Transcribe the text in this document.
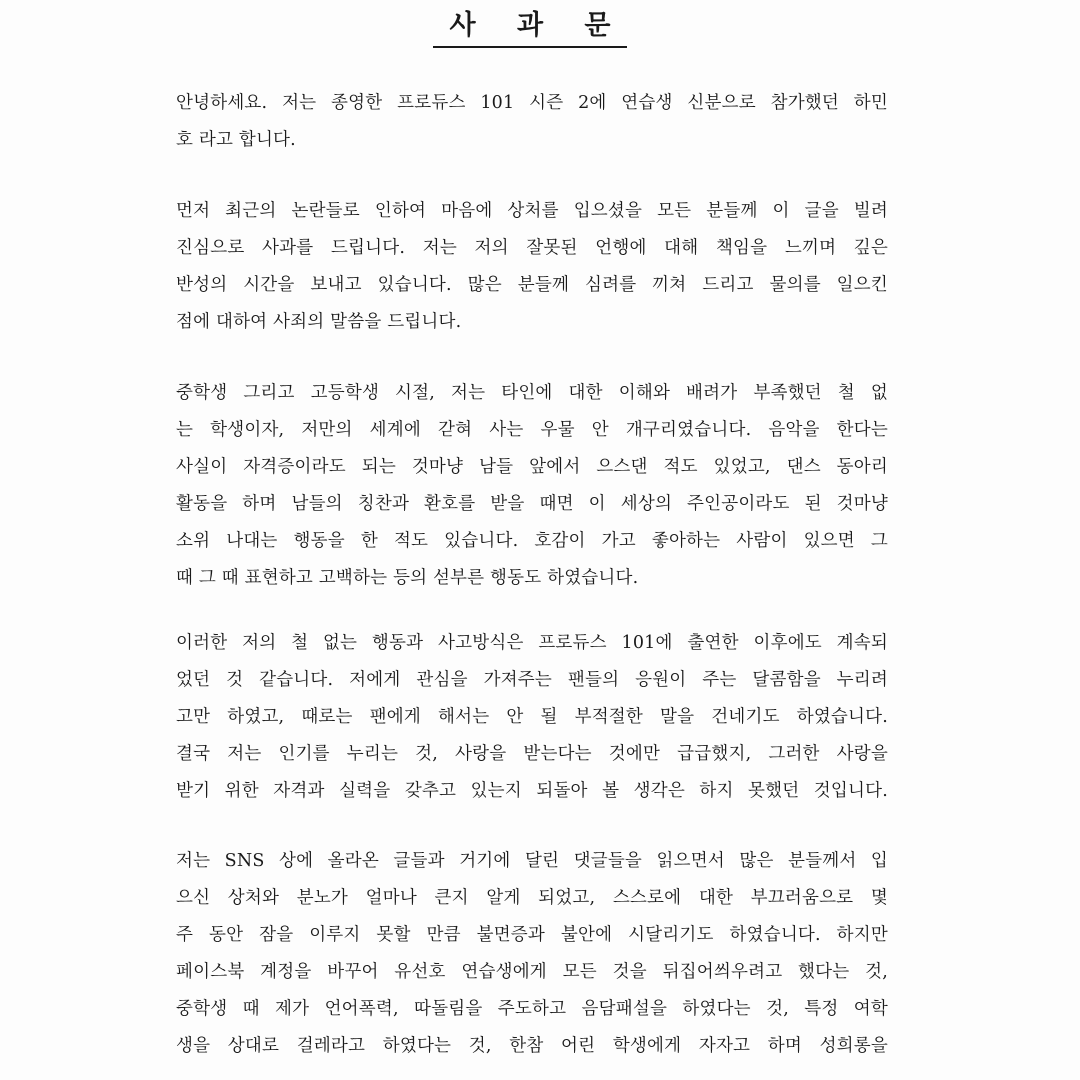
사 과 문
안녕하세요. 저는 종영한 프로듀스 101 시즌 2에 연습생 신분으로 참가했던 하민
호 라고 합니다.
먼저 최근의 논란들로 인하여 마음에 상처를 입으셨을 모든 분들께 이 글을 빌려
진심으로 사과를 드립니다. 저는 저의 잘못된 언행에 대해 책임을 느끼며 깊은
반성의 시간을 보내고 있습니다. 많은 분들께 심려를 끼쳐 드리고 물의를 일으킨
점에 대하여 사죄의 말씀을 드립니다.
중학생 그리고 고등학생 시절, 저는 타인에 대한 이해와 배려가 부족했던 철 없
는 학생이자, 저만의 세계에 갇혀 사는 우물 안 개구리였습니다. 음악을 한다는
사실이 자격증이라도 되는 것마냥 남들 앞에서 으스댄 적도 있었고, 댄스 동아리
활동을 하며 남들의 칭찬과 환호를 받을 때면 이 세상의 주인공이라도 된 것마냥
소위 나대는 행동을 한 적도 있습니다. 호감이 가고 좋아하는 사람이 있으면 그
때 그 때 표현하고 고백하는 등의 섣부른 행동도 하였습니다.
이러한 저의 철 없는 행동과 사고방식은 프로듀스 101에 출연한 이후에도 계속되
었던 것 같습니다. 저에게 관심을 가져주는 팬들의 응원이 주는 달콤함을 누리려
고만 하였고, 때로는 팬에게 해서는 안 될 부적절한 말을 건네기도 하였습니다.
결국 저는 인기를 누리는 것, 사랑을 받는다는 것에만 급급했지, 그러한 사랑을
받기 위한 자격과 실력을 갖추고 있는지 되돌아 볼 생각은 하지 못했던 것입니다.
저는 SNS 상에 올라온 글들과 거기에 달린 댓글들을 읽으면서 많은 분들께서 입
으신 상처와 분노가 얼마나 큰지 알게 되었고, 스스로에 대한 부끄러움으로 몇
주 동안 잠을 이루지 못할 만큼 불면증과 불안에 시달리기도 하였습니다. 하지만
페이스북 계정을 바꾸어 유선호 연습생에게 모든 것을 뒤집어씌우려고 했다는 것,
중학생 때 제가 언어폭력, 따돌림을 주도하고 음담패설을 하였다는 것, 특정 여학
생을 상대로 걸레라고 하였다는 것, 한참 어린 학생에게 자자고 하며 성희롱을
